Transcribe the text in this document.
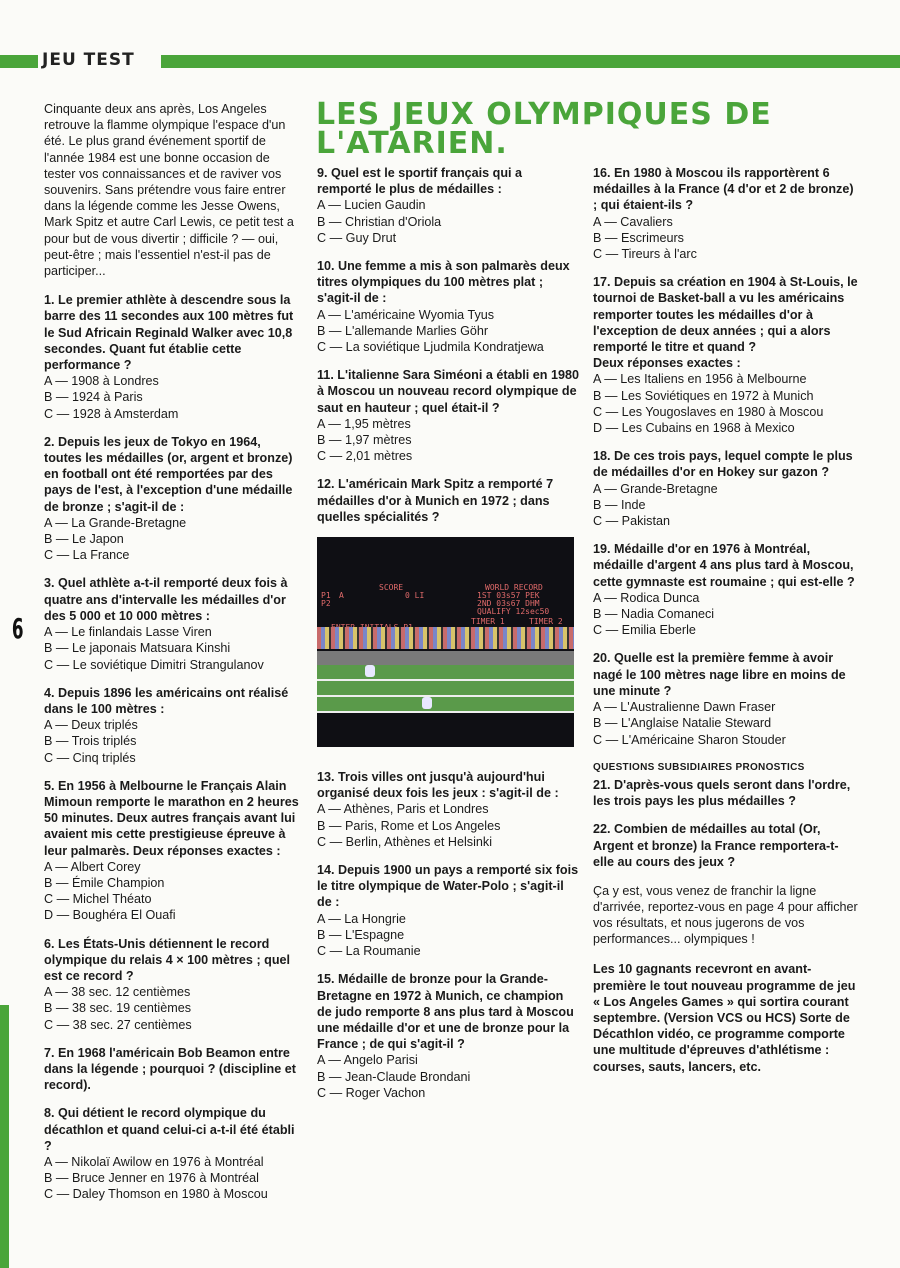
JEU TEST
6
LES JEUX OLYMPIQUES DE L'ATARIEN.

Cinquante deux ans après, Los Angeles retrouve la flamme olympique l'espace d'un été. Le plus grand événement sportif de l'année 1984 est une bonne occasion de tester vos connaissances et de raviver vos souvenirs. Sans prétendre vous faire entrer dans la légende comme les Jesse Owens, Mark Spitz et autre Carl Lewis, ce petit test a pour but de vous divertir ; difficile ? — oui, peut-être ; mais l'essentiel n'est-il pas de participer...

1. Le premier athlète à descendre sous la barre des 11 secondes aux 100 mètres fut le Sud Africain Reginald Walker avec 10,8 secondes. Quant fut établie cette performance ?
A — 1908 à Londres
B — 1924 à Paris
C — 1928 à Amsterdam
2. Depuis les jeux de Tokyo en 1964, toutes les médailles (or, argent et bronze) en football ont été remportées par des pays de l'est, à l'exception d'une médaille de bronze ; s'agit-il de :
A — La Grande-Bretagne
B — Le Japon
C — La France
3. Quel athlète a-t-il remporté deux fois à quatre ans d'intervalle les médailles d'or des 5 000 et 10 000 mètres :
A — Le finlandais Lasse Viren
B — Le japonais Matsuara Kinshi
C — Le soviétique Dimitri Strangulanov
4. Depuis 1896 les américains ont réalisé dans le 100 mètres :
A — Deux triplés
B — Trois triplés
C — Cinq triplés
5. En 1956 à Melbourne le Français Alain Mimoun remporte le marathon en 2 heures 50 minutes. Deux autres français avant lui avaient mis cette prestigieuse épreuve à leur palmarès. Deux réponses exactes :
A — Albert Corey
B — Émile Champion
C — Michel Théato
D — Boughéra El Ouafi
6. Les États-Unis détiennent le record olympique du relais 4 × 100 mètres ; quel est ce record ?
A — 38 sec. 12 centièmes
B — 38 sec. 19 centièmes
C — 38 sec. 27 centièmes
7. En 1968 l'américain Bob Beamon entre dans la légende ; pourquoi ? (discipline et record).
8. Qui détient le record olympique du décathlon et quand celui-ci a-t-il été établi ?
A — Nikolaï Awilow en 1976 à Montréal
B — Bruce Jenner en 1976 à Montréal
C — Daley Thomson en 1980 à Moscou
9. Quel est le sportif français qui a remporté le plus de médailles :
A — Lucien Gaudin
B — Christian d'Oriola
C — Guy Drut
10. Une femme a mis à son palmarès deux titres olympiques du 100 mètres plat ; s'agit-il de :
A — L'américaine Wyomia Tyus
B — L'allemande Marlies Göhr
C — La soviétique Ljudmila Kondratjewa
11. L'italienne Sara Siméoni a établi en 1980 à Moscou un nouveau record olympique de saut en hauteur ; quel était-il ?
A — 1,95 mètres
B — 1,97 mètres
C — 2,01 mètres
12. L'américain Mark Spitz a remporté 7 médailles d'or à Munich en 1972 ; dans quelles spécialités ?
SCORE	WORLD RECORD
P1 A	0 LI	1ST 03s57 PEK
P2	2ND 03s67 DHM
QUALIFY 12sec50
TIMER 1	TIMER 2
13. Trois villes ont jusqu'à aujourd'hui organisé deux fois les jeux : s'agit-il de :
A — Athènes, Paris et Londres
B — Paris, Rome et Los Angeles
C — Berlin, Athènes et Helsinki
14. Depuis 1900 un pays a remporté six fois le titre olympique de Water-Polo ; s'agit-il de :
A — La Hongrie
B — L'Espagne
C — La Roumanie
15. Médaille de bronze pour la Grande-Bretagne en 1972 à Munich, ce champion de judo remporte 8 ans plus tard à Moscou une médaille d'or et une de bronze pour la France ; de qui s'agit-il ?
A — Angelo Parisi
B — Jean-Claude Brondani
C — Roger Vachon
16. En 1980 à Moscou ils rapportèrent 6 médailles à la France (4 d'or et 2 de bronze) ; qui étaient-ils ?
A — Cavaliers
B — Escrimeurs
C — Tireurs à l'arc
17. Depuis sa création en 1904 à St-Louis, le tournoi de Basket-ball a vu les américains remporter toutes les médailles d'or à l'exception de deux années ; qui a alors remporté le titre et quand ?
Deux réponses exactes :
A — Les Italiens en 1956 à Melbourne
B — Les Soviétiques en 1972 à Munich
C — Les Yougoslaves en 1980 à Moscou
D — Les Cubains en 1968 à Mexico
18. De ces trois pays, lequel compte le plus de médailles d'or en Hokey sur gazon ?
A — Grande-Bretagne
B — Inde
C — Pakistan
19. Médaille d'or en 1976 à Montréal, médaille d'argent 4 ans plus tard à Moscou, cette gymnaste est roumaine ; qui est-elle ?
A — Rodica Dunca
B — Nadia Comaneci
C — Emilia Eberle
20. Quelle est la première femme à avoir nagé le 100 mètres nage libre en moins de une minute ?
A — L'Australienne Dawn Fraser
B — L'Anglaise Natalie Steward
C — L'Américaine Sharon Stouder
QUESTIONS SUBSIDIAIRES PRONOSTICS
21. D'après-vous quels seront dans l'ordre, les trois pays les plus médailles ?
22. Combien de médailles au total (Or, Argent et bronze) la France remportera-t-elle au cours des jeux ?

Ça y est, vous venez de franchir la ligne d'arrivée, reportez-vous en page 4 pour afficher vos résultats, et nous jugerons de vos performances... olympiques !

Les 10 gagnants recevront en avant-première le tout nouveau programme de jeu « Los Angeles Games » qui sortira courant septembre. (Version VCS ou HCS) Sorte de Décathlon vidéo, ce programme comporte une multitude d'épreuves d'athlétisme : courses, sauts, lancers, etc.
